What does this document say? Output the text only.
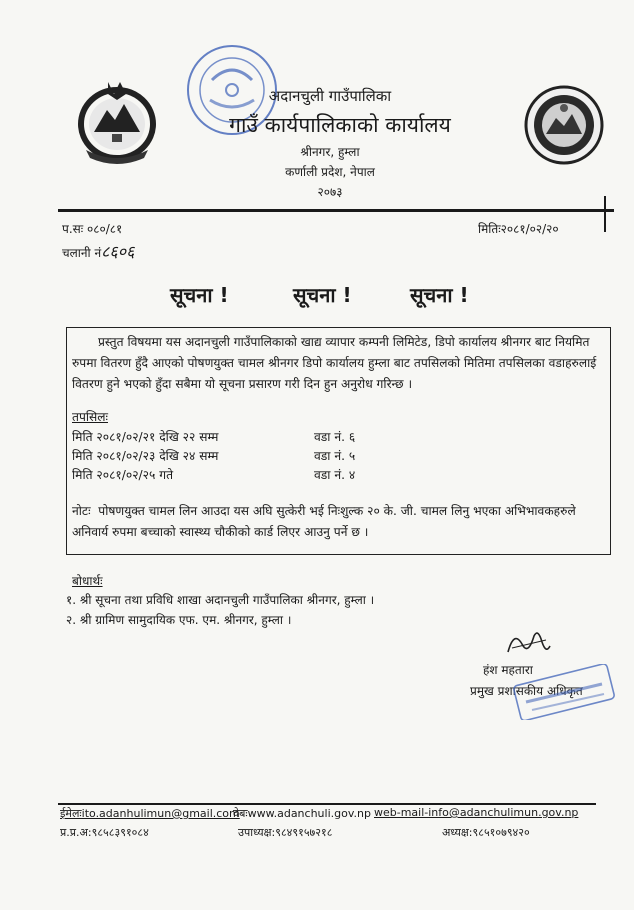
अदानचुली गाउँपालिका
गाउँ कार्यपालिकाको कार्यालय
श्रीनगर, हुम्ला
कर्णाली प्रदेश, नेपाल
२०७३
प.सः ०८०/८१
चलानी नं८६०६
मितिः२०८१/०२/२०
सूचना !	सूचना !	सूचना !
प्रस्तुत विषयमा यस अदानचुली गाउँपालिकाको खाद्य व्यापार कम्पनी लिमिटेड, डिपो कार्यालय श्रीनगर बाट नियमित रुपमा वितरण हुँदै आएको पोषणयुक्त चामल श्रीनगर डिपो कार्यालय हुम्ला बाट तपसिलको मितिमा तपसिलका वडाहरुलाई वितरण हुने भएको हुँदा सबैमा यो सूचना प्रसारण गरी दिन हुन अनुरोध गरिन्छ ।
तपसिलः
मिति २०८१/०२/२१ देखि २२ सम्म	वडा नं. ६
मिति २०८१/०२/२३ देखि २४ सम्म	वडा नं. ५
मिति २०८१/०२/२५ गते	वडा नं. ४
नोटः पोषणयुक्त चामल लिन आउदा यस अघि सुत्केरी भई निःशुल्क २० के. जी. चामल लिनु भएका अभिभावकहरुले अनिवार्य रुपमा बच्चाको स्वास्थ्य चौकीको कार्ड लिएर आउनु पर्ने छ ।
बोधार्थः
१. श्री सूचना तथा प्रविधि शाखा अदानचुली गाउँपालिका श्रीनगर, हुम्ला ।
२. श्री ग्रामिण सामुदायिक एफ. एम. श्रीनगर, हुम्ला ।
हंश महतारा
प्रमुख प्रशासकीय अधिकृत
ईमेलःito.adanhulimun@gmail.com
वेबःwww.adanchuli.gov.np web-mail-info@adanchulimun.gov.np
प्र.प्र.अ:९८५८३९१०८४	उपाध्यक्ष:९८४९१५७२१८	अध्यक्ष:९८५१०७९४२०
